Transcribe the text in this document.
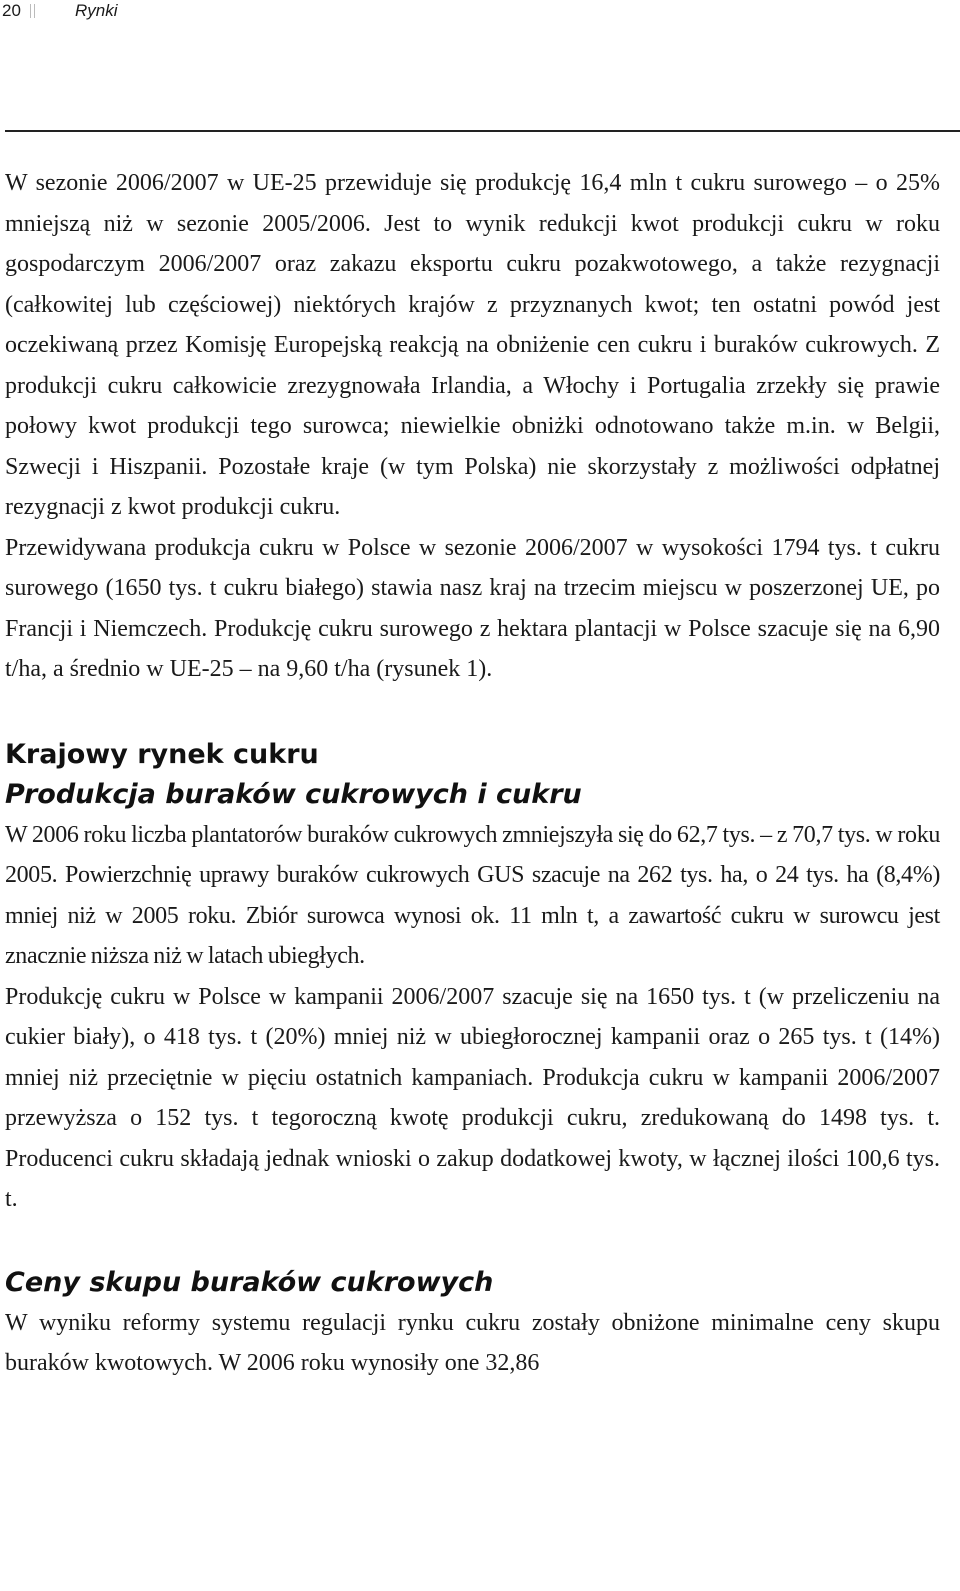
20	Rynki

W sezonie 2006/2007 w UE-25 przewiduje się produkcję 16,4 mln t cukru surowego – o 25% mniejszą niż w sezonie 2005/2006. Jest to wynik redukcji kwot produkcji cukru w roku gospodarczym 2006/2007 oraz zakazu eksportu cukru pozakwotowego, a także rezygnacji (całkowitej lub częściowej) niektórych krajów z przyznanych kwot; ten ostatni powód jest oczekiwaną przez Komisję Europejską reakcją na obniżenie cen cukru i buraków cukrowych. Z produkcji cukru całkowicie zrezygnowała Irlandia, a Włochy i Portugalia zrzekły się prawie połowy kwot produkcji tego surowca; niewielkie obniżki odnotowano także m.in. w Belgii, Szwecji i Hiszpanii. Pozostałe kraje (w tym Polska) nie skorzystały z możliwości odpłatnej rezygnacji z kwot produkcji cukru.

Przewidywana produkcja cukru w Polsce w sezonie 2006/2007 w wysokości 1794 tys. t cukru surowego (1650 tys. t cukru białego) stawia nasz kraj na trzecim miejscu w poszerzonej UE, po Francji i Niemczech. Produkcję cukru surowego z hektara plantacji w Polsce szacuje się na 6,90 t/ha, a średnio w UE-25 – na 9,60 t/ha (rysunek 1).

Krajowy rynek cukru
Produkcja buraków cukrowych i cukru

W 2006 roku liczba plantatorów buraków cukrowych zmniejszyła się do 62,7 tys. – z 70,7 tys. w roku 2005. Powierzchnię uprawy buraków cukrowych GUS szacuje na 262 tys. ha, o 24 tys. ha (8,4%) mniej niż w 2005 roku. Zbiór surowca wynosi ok. 11 mln t, a zawartość cukru w surowcu jest znacznie niższa niż w latach ubiegłych.

Produkcję cukru w Polsce w kampanii 2006/2007 szacuje się na 1650 tys. t (w przeliczeniu na cukier biały), o 418 tys. t (20%) mniej niż w ubiegłorocznej kampanii oraz o 265 tys. t (14%) mniej niż przeciętnie w pięciu ostatnich kampaniach. Produkcja cukru w kampanii 2006/2007 przewyższa o 152 tys. t tegoroczną kwotę produkcji cukru, zredukowaną do 1498 tys. t. Producenci cukru składają jednak wnioski o zakup dodatkowej kwoty, w łącznej ilości 100,6 tys. t.

Ceny skupu buraków cukrowych

W wyniku reformy systemu regulacji rynku cukru zostały obniżone minimalne ceny skupu buraków kwotowych. W 2006 roku wynosiły one 32,86
